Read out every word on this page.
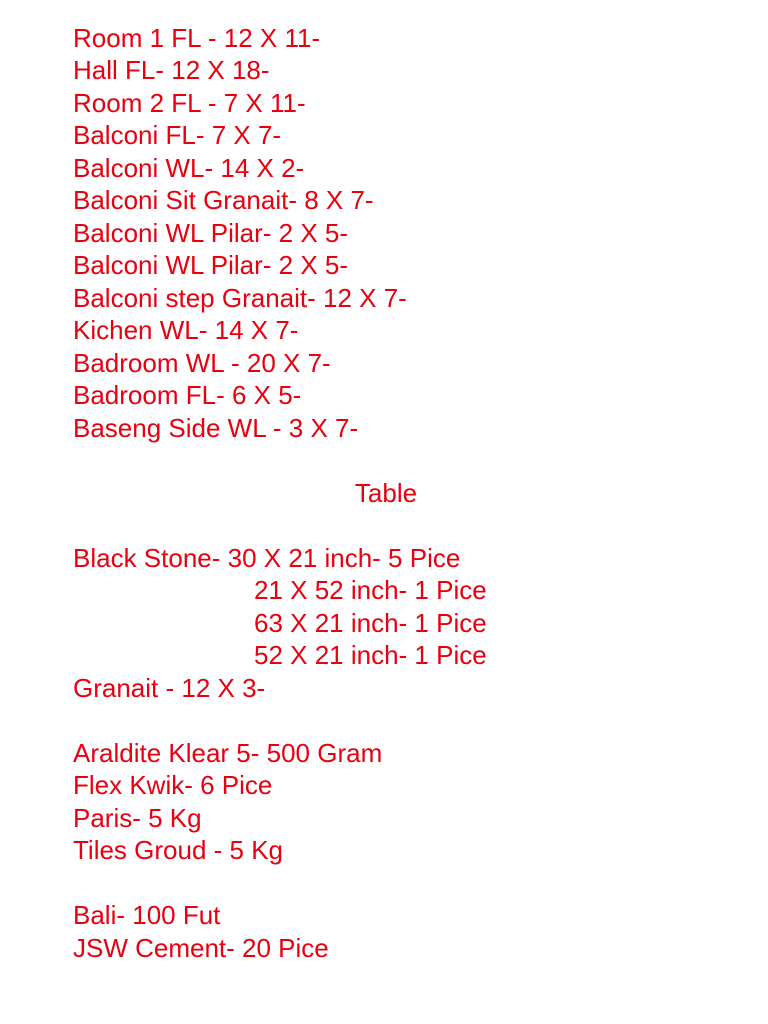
Room 1 FL - 12 X 11-
Hall FL- 12 X 18-
Room 2 FL - 7 X 11-
Balconi FL- 7 X 7-
Balconi WL- 14 X 2-
Balconi Sit Granait- 8 X 7-
Balconi WL Pilar- 2 X 5-
Balconi WL Pilar- 2 X 5-
Balconi step Granait- 12 X 7-
Kichen WL- 14 X 7-
Badroom WL - 20 X 7-
Badroom FL- 6 X 5-
Baseng Side WL - 3 X 7-
Table
Black Stone- 30 X 21 inch- 5 Pice
21 X 52 inch- 1 Pice
63 X 21 inch- 1 Pice
52 X 21 inch- 1 Pice
Granait - 12 X 3-
Araldite Klear 5- 500 Gram
Flex Kwik- 6 Pice
Paris- 5 Kg
Tiles Groud - 5 Kg
Bali- 100 Fut
JSW Cement- 20 Pice
